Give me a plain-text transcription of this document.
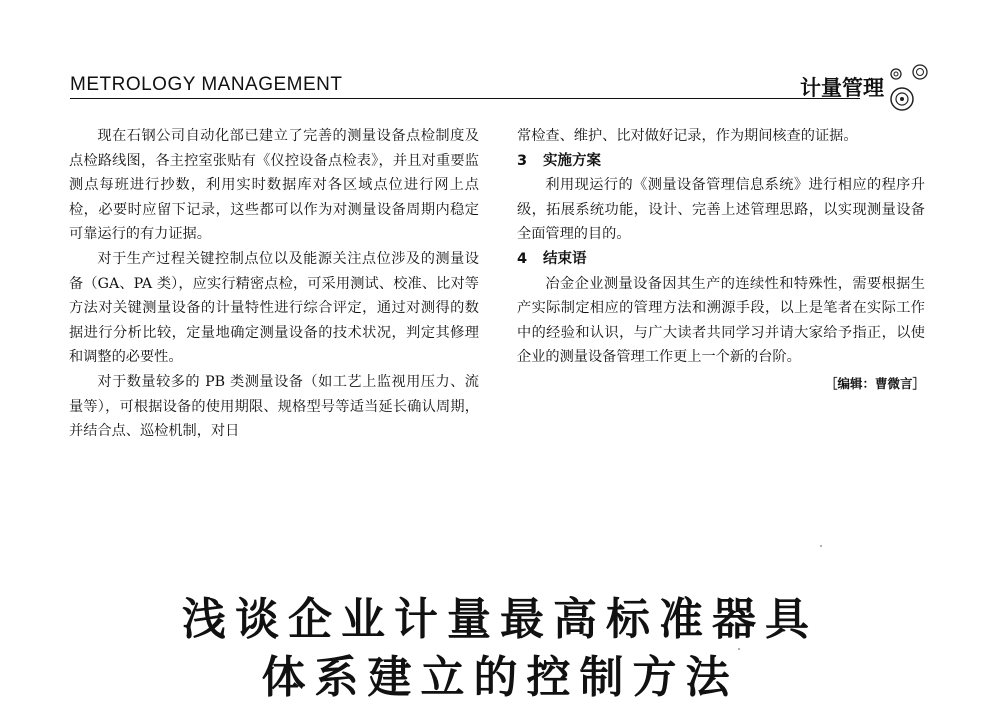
METROLOGY MANAGEMENT	计量管理

现在石钢公司自动化部已建立了完善的测量设备点检制度及点检路线图，各主控室张贴有《仪控设备点检表》，并且对重要监测点每班进行抄数，利用实时数据库对各区域点位进行网上点检，必要时应留下记录，这些都可以作为对测量设备周期内稳定可靠运行的有力证据。

对于生产过程关键控制点位以及能源关注点位涉及的测量设备（GA、PA 类），应实行精密点检，可采用测试、校准、比对等方法对关键测量设备的计量特性进行综合评定，通过对测得的数据进行分析比较，定量地确定测量设备的技术状况，判定其修理和调整的必要性。

对于数量较多的 PB 类测量设备（如工艺上监视用压力、流量等），可根据设备的使用期限、规格型号等适当延长确认周期，并结合点、巡检机制，对日

常检查、维护、比对做好记录，作为期间核查的证据。

3 实施方案

利用现运行的《测量设备管理信息系统》进行相应的程序升级，拓展系统功能，设计、完善上述管理思路，以实现测量设备全面管理的目的。

4 结束语

冶金企业测量设备因其生产的连续性和特殊性，需要根据生产实际制定相应的管理方法和溯源手段，以上是笔者在实际工作中的经验和认识，与广大读者共同学习并请大家给予指正，以使企业的测量设备管理工作更上一个新的台阶。

［编辑：曹微言］

浅谈企业计量最高标准器具
体系建立的控制方法
